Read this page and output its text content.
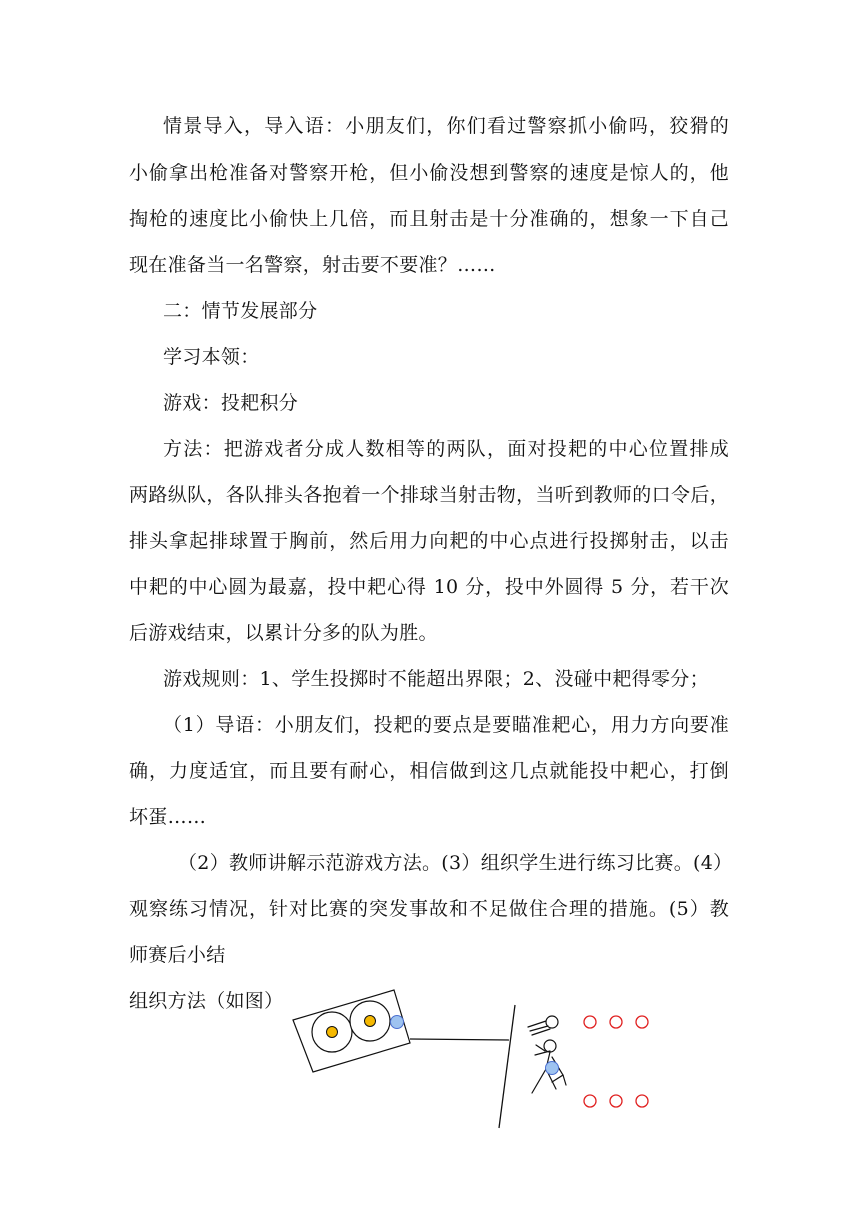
情景导入，导入语：小朋友们，你们看过警察抓小偷吗，狡猾的

小偷拿出枪准备对警察开枪，但小偷没想到警察的速度是惊人的，他

掏枪的速度比小偷快上几倍，而且射击是十分准确的，想象一下自己

现在准备当一名警察，射击要不要准？……

二：情节发展部分

学习本领：

游戏：投耙积分

方法：把游戏者分成人数相等的两队，面对投耙的中心位置排成

两路纵队，各队排头各抱着一个排球当射击物，当听到教师的口令后，

排头拿起排球置于胸前，然后用力向耙的中心点进行投掷射击，以击

中耙的中心圆为最嘉，投中耙心得 10 分，投中外圆得 5 分，若干次

后游戏结束，以累计分多的队为胜。

游戏规则：1、学生投掷时不能超出界限；2、没碰中耙得零分；

（1）导语：小朋友们，投耙的要点是要瞄准耙心，用力方向要准

确，力度适宜，而且要有耐心，相信做到这几点就能投中耙心，打倒

坏蛋……

（2）教师讲解示范游戏方法。(3）组织学生进行练习比赛。(4）

观察练习情况，针对比赛的突发事故和不足做住合理的措施。(5）教

师赛后小结

组织方法（如图）
